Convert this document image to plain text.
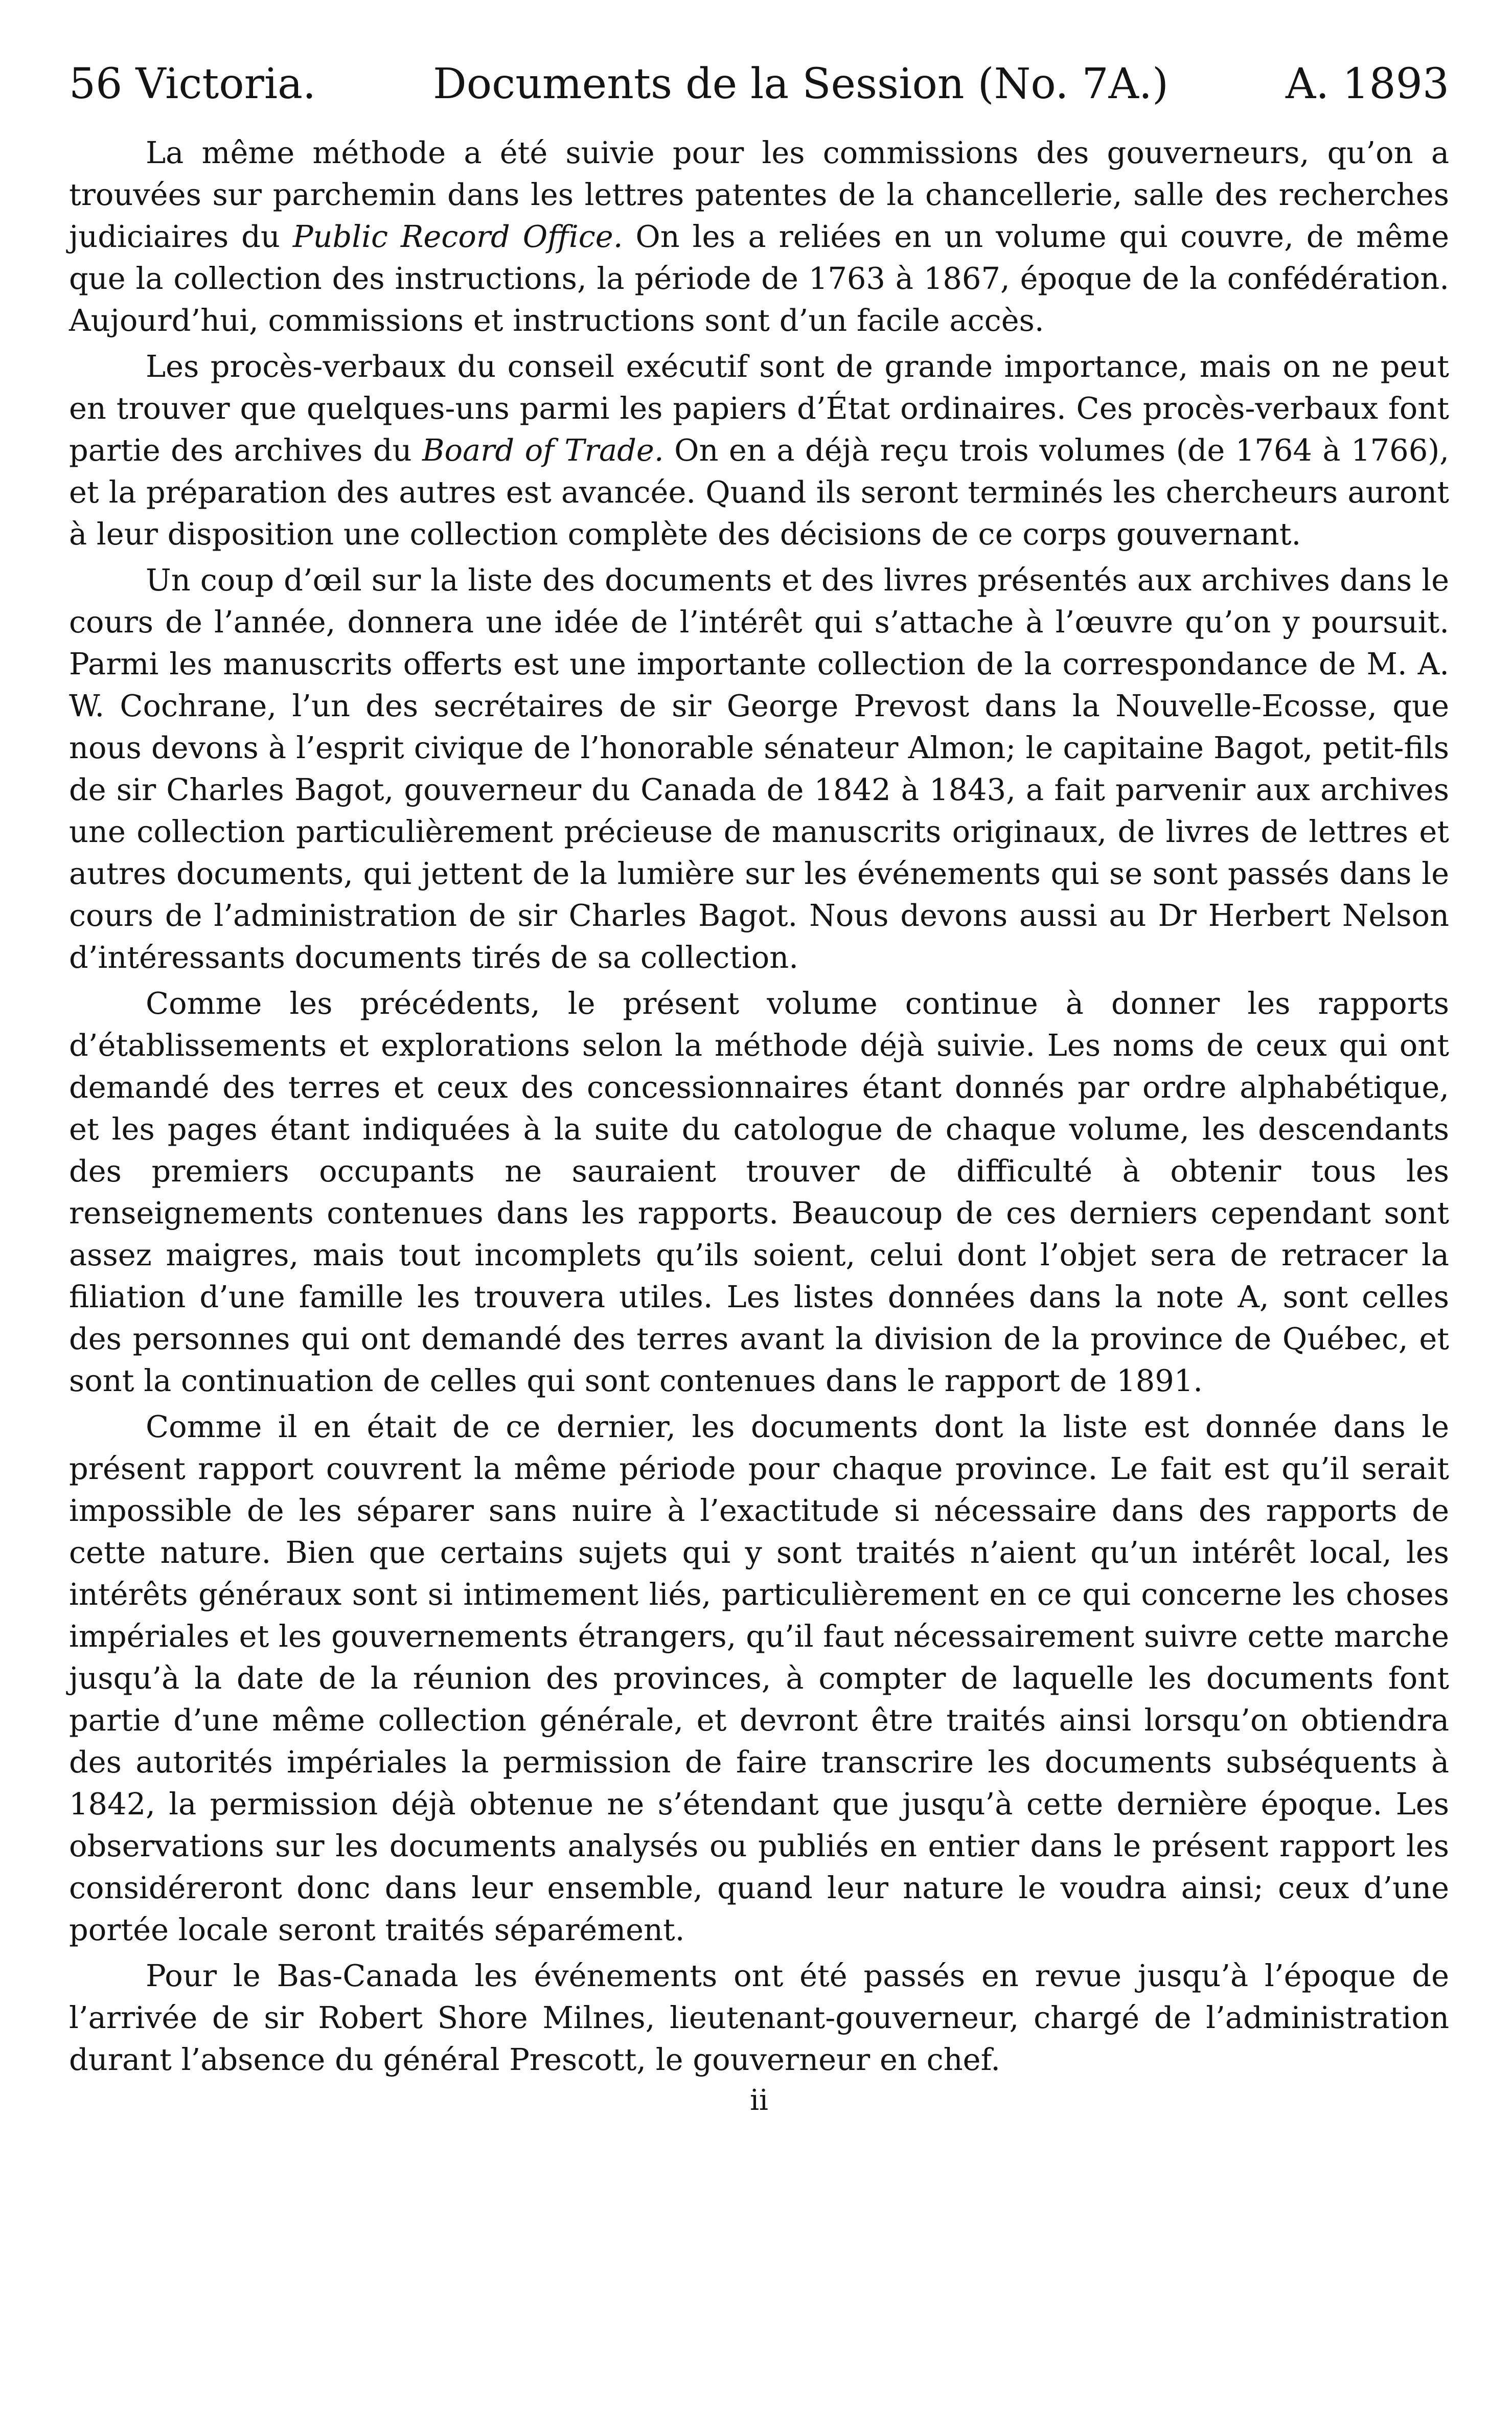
56 Victoria.	Documents de la Session (No. 7A.)	A. 1893

La même méthode a été suivie pour les commissions des gouverneurs, qu’on a trouvées sur parchemin dans les lettres patentes de la chancellerie, salle des recherches judiciaires du Public Record Office. On les a reliées en un volume qui couvre, de même que la collection des instructions, la période de 1763 à 1867, époque de la confédération. Aujourd’hui, commissions et instructions sont d’un facile accès.

Les procès-verbaux du conseil exécutif sont de grande importance, mais on ne peut en trouver que quelques-uns parmi les papiers d’État ordinaires. Ces procès-verbaux font partie des archives du Board of Trade. On en a déjà reçu trois volumes (de 1764 à 1766), et la préparation des autres est avancée. Quand ils seront terminés les chercheurs auront à leur disposition une collection complète des décisions de ce corps gouvernant.

Un coup d’œil sur la liste des documents et des livres présentés aux archives dans le cours de l’année, donnera une idée de l’intérêt qui s’attache à l’œuvre qu’on y poursuit. Parmi les manuscrits offerts est une importante collection de la correspondance de M. A. W. Cochrane, l’un des secrétaires de sir George Prevost dans la Nouvelle-Ecosse, que nous devons à l’esprit civique de l’honorable sénateur Almon; le capitaine Bagot, petit-fils de sir Charles Bagot, gouverneur du Canada de 1842 à 1843, a fait parvenir aux archives une collection particulièrement précieuse de manuscrits originaux, de livres de lettres et autres documents, qui jettent de la lumière sur les événements qui se sont passés dans le cours de l’administration de sir Charles Bagot. Nous devons aussi au Dr Herbert Nelson d’intéressants documents tirés de sa collection.

Comme les précédents, le présent volume continue à donner les rapports d’établissements et explorations selon la méthode déjà suivie. Les noms de ceux qui ont demandé des terres et ceux des concessionnaires étant donnés par ordre alphabétique, et les pages étant indiquées à la suite du catologue de chaque volume, les descendants des premiers occupants ne sauraient trouver de difficulté à obtenir tous les renseignements contenues dans les rapports. Beaucoup de ces derniers cependant sont assez maigres, mais tout incomplets qu’ils soient, celui dont l’objet sera de retracer la filiation d’une famille les trouvera utiles. Les listes données dans la note A, sont celles des personnes qui ont demandé des terres avant la division de la province de Québec, et sont la continuation de celles qui sont contenues dans le rapport de 1891.

Comme il en était de ce dernier, les documents dont la liste est donnée dans le présent rapport couvrent la même période pour chaque province. Le fait est qu’il serait impossible de les séparer sans nuire à l’exactitude si nécessaire dans des rapports de cette nature. Bien que certains sujets qui y sont traités n’aient qu’un intérêt local, les intérêts généraux sont si intimement liés, particulièrement en ce qui concerne les choses impériales et les gouvernements étrangers, qu’il faut nécessairement suivre cette marche jusqu’à la date de la réunion des provinces, à compter de laquelle les documents font partie d’une même collection générale, et devront être traités ainsi lorsqu’on obtiendra des autorités impériales la permission de faire transcrire les documents subséquents à 1842, la permission déjà obtenue ne s’étendant que jusqu’à cette dernière époque. Les observations sur les documents analysés ou publiés en entier dans le présent rapport les considéreront donc dans leur ensemble, quand leur nature le voudra ainsi; ceux d’une portée locale seront traités séparément.

Pour le Bas-Canada les événements ont été passés en revue jusqu’à l’époque de l’arrivée de sir Robert Shore Milnes, lieutenant-gouverneur, chargé de l’administration durant l’absence du général Prescott, le gouverneur en chef.

ii
